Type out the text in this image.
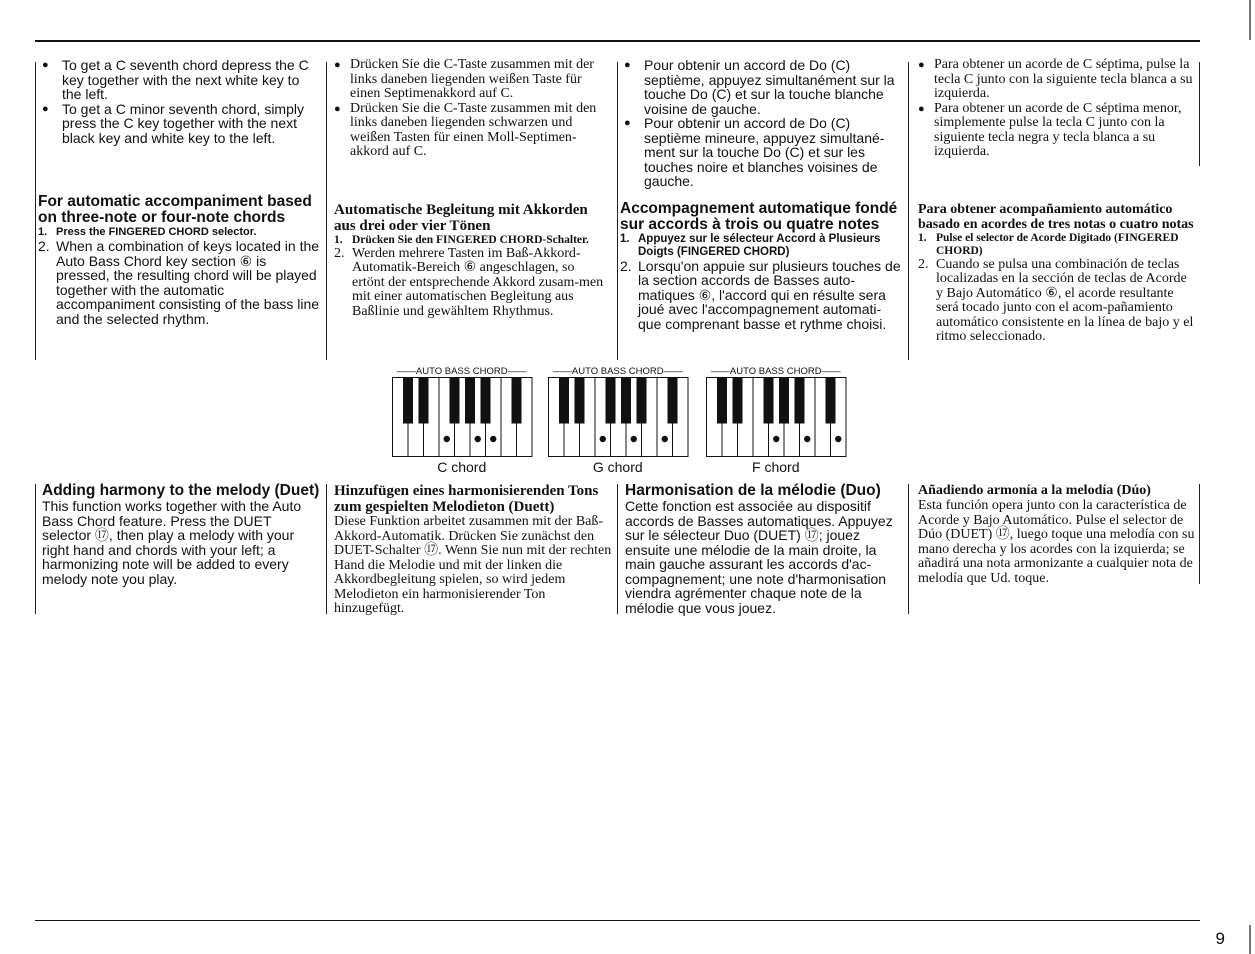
● To get a C seventh chord depress the C key together with the next white key to the left.

● To get a C minor seventh chord, simply press the C key together with the next black key and white key to the left.

For automatic accompaniment based on three-note or four-note chords

1. Press the FINGERED CHORD selector.

2. When a combination of keys located in the Auto Bass Chord key section ⑥ is pressed, the resulting chord will be played together with the automatic accompaniment consisting of the bass line and the selected rhythm.

● Drücken Sie die C-Taste zusammen mit der links daneben liegenden weißen Taste für einen Septimenakkord auf C.

● Drücken Sie die C-Taste zusammen mit den links daneben liegenden schwarzen und weißen Tasten für einen Moll-Septimen-akkord auf C.

Automatische Begleitung mit Akkorden aus drei oder vier Tönen

1. Drücken Sie den FINGERED CHORD-Schalter.

2. Werden mehrere Tasten im Baß-Akkord-Automatik-Bereich ⑥ angeschlagen, so ertönt der entsprechende Akkord zusam-men mit einer automatischen Begleitung aus Baßlinie und gewähltem Rhythmus.

● Pour obtenir un accord de Do (C) septième, appuyez simultanément sur la touche Do (C) et sur la touche blanche voisine de gauche.

● Pour obtenir un accord de Do (C) septième mineure, appuyez simultané-ment sur la touche Do (C) et sur les touches noire et blanches voisines de gauche.

Accompagnement automatique fondé sur accords à trois ou quatre notes

1. Appuyez sur le sélecteur Accord à Plusieurs Doigts (FINGERED CHORD)

2. Lorsqu'on appuie sur plusieurs touches de la section accords de Basses auto-matiques ⑥, l'accord qui en résulte sera joué avec l'accompagnement automati-que comprenant basse et rythme choisi.

● Para obtener un acorde de C séptima, pulse la tecla C junto con la siguiente tecla blanca a su izquierda.

● Para obtener un acorde de C séptima menor, simplemente pulse la tecla C junto con la siguiente tecla negra y tecla blanca a su izquierda.

Para obtener acompañamiento automático basado en acordes de tres notas o cuatro notas

1. Pulse el selector de Acorde Digitado (FINGERED CHORD)

2. Cuando se pulsa una combinación de teclas localizadas en la sección de teclas de Acorde y Bajo Automático ⑥, el acorde resultante será tocado junto con el acom-pañamiento automático consistente en la línea de bajo y el ritmo seleccionado.

——AUTO BASS CHORD——
C chord
——AUTO BASS CHORD——
G chord
——AUTO BASS CHORD——
F chord

Adding harmony to the melody (Duet)

This function works together with the Auto Bass Chord feature. Press the DUET selector ⑰, then play a melody with your right hand and chords with your left; a harmonizing note will be added to every melody note you play.

Hinzufügen eines harmonisierenden Tons zum gespielten Melodieton (Duett)

Diese Funktion arbeitet zusammen mit der Baß-Akkord-Automatik. Drücken Sie zunächst den DUET-Schalter ⑰. Wenn Sie nun mit der rechten Hand die Melodie und mit der linken die Akkordbegleitung spielen, so wird jedem Melodieton ein harmonisierender Ton hinzugefügt.

Harmonisation de la mélodie (Duo)

Cette fonction est associée au dispositif accords de Basses automatiques. Appuyez sur le sélecteur Duo (DUET) ⑰; jouez ensuite une mélodie de la main droite, la main gauche assurant les accords d'ac-compagnement; une note d'harmonisation viendra agrémenter chaque note de la mélodie que vous jouez.

Añadiendo armonía a la melodía (Dúo)

Esta función opera junto con la característica de Acorde y Bajo Automático. Pulse el selector de Dúo (DUET) ⑰, luego toque una melodía con su mano derecha y los acordes con la izquierda; se añadirá una nota armonizante a cualquier nota de melodía que Ud. toque.

9
